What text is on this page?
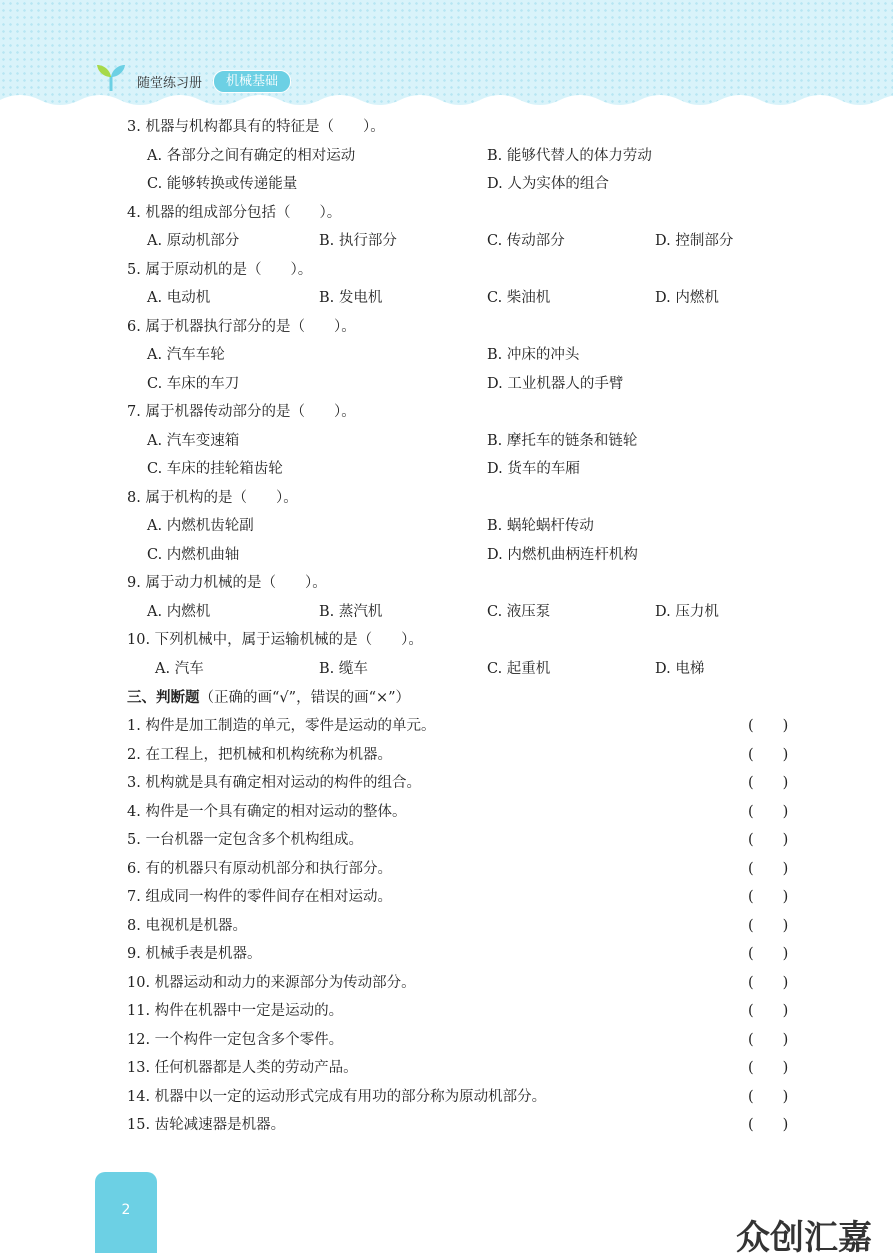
随堂练习册	机械基础
3. 机器与机构都具有的特征是（　　）。
A. 各部分之间有确定的相对运动	B. 能够代替人的体力劳动
C. 能够转换或传递能量	D. 人为实体的组合
4. 机器的组成部分包括（　　）。
A. 原动机部分	B. 执行部分	C. 传动部分	D. 控制部分
5. 属于原动机的是（　　）。
A. 电动机	B. 发电机	C. 柴油机	D. 内燃机
6. 属于机器执行部分的是（　　）。
A. 汽车车轮	B. 冲床的冲头
C. 车床的车刀	D. 工业机器人的手臂
7. 属于机器传动部分的是（　　）。
A. 汽车变速箱	B. 摩托车的链条和链轮
C. 车床的挂轮箱齿轮	D. 货车的车厢
8. 属于机构的是（　　）。
A. 内燃机齿轮副	B. 蜗轮蜗杆传动
C. 内燃机曲轴	D. 内燃机曲柄连杆机构
9. 属于动力机械的是（　　）。
A. 内燃机	B. 蒸汽机	C. 液压泵	D. 压力机
10. 下列机械中，属于运输机械的是（　　）。
A. 汽车	B. 缆车	C. 起重机	D. 电梯
三、判断题（正确的画“√”，错误的画“×”）
1. 构件是加工制造的单元，零件是运动的单元。	(　　)
2. 在工程上，把机械和机构统称为机器。	(　　)
3. 机构就是具有确定相对运动的构件的组合。	(　　)
4. 构件是一个具有确定的相对运动的整体。	(　　)
5. 一台机器一定包含多个机构组成。	(　　)
6. 有的机器只有原动机部分和执行部分。	(　　)
7. 组成同一构件的零件间存在相对运动。	(　　)
8. 电视机是机器。	(　　)
9. 机械手表是机器。	(　　)
10. 机器运动和动力的来源部分为传动部分。	(　　)
11. 构件在机器中一定是运动的。	(　　)
12. 一个构件一定包含多个零件。	(　　)
13. 任何机器都是人类的劳动产品。	(　　)
14. 机器中以一定的运动形式完成有用功的部分称为原动机部分。	(　　)
15. 齿轮减速器是机器。	(　　)
2
众创汇嘉
